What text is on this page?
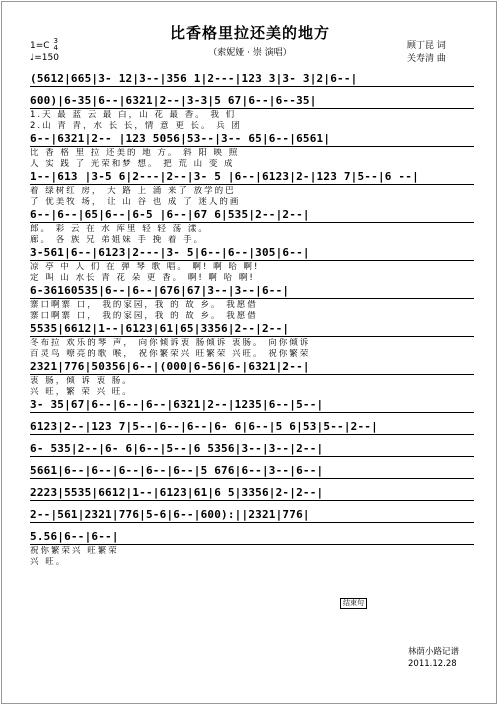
比香格里拉还美的地方
（索妮娅 · 崇 演唱）
顾丁昆 词
关寿清 曲
1=C 3
4
♩=150
(5612|665|3- 12|3--|356 1|2---|123 3|3- 3|2|6--|
600)|6-35|6--|6321|2--|3-3|5 67|6--|6--35|
1.天 最 蓝 云 最 白，山 花 最 香。 我 们
2.山 青 青，水 长 长，情 意 更 长。 兵 团
6--|6321|2-- |123 5056|53--|3-- 65|6--|6561|
比 香 格 里 拉 还美的 地 方。 斜 阳 映 照
人 实 践 了 光荣和梦 想。 把 荒 山 变 成
1--|613 |3-5 6|2---|2--|3- 5 |6--|6123|2-|123 7|5--|6 --|
着 绿树红 房， 大 路 上 涌 来了 放学的巴
了 优美牧 场， 让 山 谷 也 成 了 迷人的画
6--|6--|65|6--|6-5 |6--|67 6|535|2--|2--|
郎。 彩 云 在 水 库里 轻 轻 荡 漾。
廊。 各 族 兄 弟姐妹 手 挽 着 手。
3-561|6--|6123|2---|3- 5|6--|6--|305|6--|
凉 亭 中 人 们 在 弹 琴 歌 唱。 啊! 啊 哈 啊!
定 叫 山 水长 青 花 朵 更 香。 啊! 啊 哈 啊!
6-36160535|6--|6--|676|67|3--|3--|6--|
寨口啊寨 口， 我的家园，我 的 故 乡。 我愿借
寨口啊寨 口， 我的家园，我 的 故 乡。 我愿借
5535|6612|1--|6123|61|65|3356|2--|2--|
冬布拉 欢乐的琴 声， 向你倾诉衷 肠倾诉 衷肠。 向你倾诉
百灵鸟 嘹亮的歌 喉， 祝你繁荣兴 旺繁荣 兴旺。 祝你繁荣
2321|776|50356|6--|(000|6-56|6-|6321|2--|
衷 肠，倾 诉 衷 肠。
兴 旺，繁 荣 兴 旺。
3- 35|67|6--|6--|6--|6321|2--|1235|6--|5--|
6123|2--|123 7|5--|6--|6--|6- 6|6--|5 6|53|5--|2--|
6- 535|2--|6- 6|6--|5--|6 5356|3--|3--|2--|
5661|6--|6--|6--|6--|6--|5 676|6--|3--|6--|
2223|5535|6612|1--|6123|61|6 5|3356|2-|2--|
2--|561|2321|776|5-6|6--|600):||2321|776|
5.56|6--|6--|
祝你繁荣兴 旺繁荣
兴 旺。
结束句
林荫小路记谱
2011.12.28
